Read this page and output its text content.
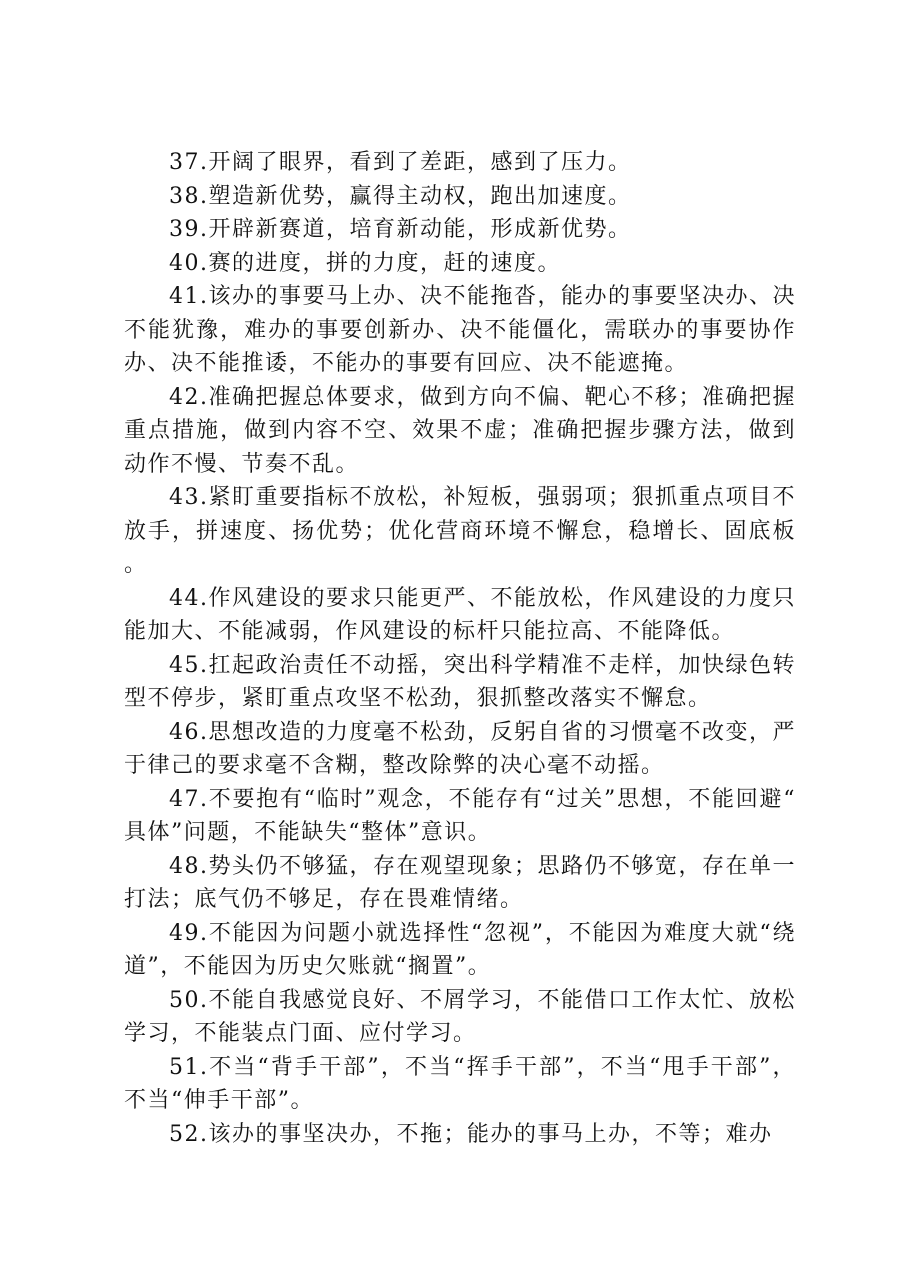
37.开阔了眼界，看到了差距，感到了压力。

38.塑造新优势，赢得主动权，跑出加速度。

39.开辟新赛道，培育新动能，形成新优势。

40.赛的进度，拼的力度，赶的速度。

41.该办的事要马上办、决不能拖沓，能办的事要坚决办、决不能犹豫，难办的事要创新办、决不能僵化，需联办的事要协作办、决不能推诿，不能办的事要有回应、决不能遮掩。

42.准确把握总体要求，做到方向不偏、靶心不移；准确把握重点措施，做到内容不空、效果不虚；准确把握步骤方法，做到动作不慢、节奏不乱。

43.紧盯重要指标不放松，补短板，强弱项；狠抓重点项目不放手，拼速度、扬优势；优化营商环境不懈怠，稳增长、固底板。

44.作风建设的要求只能更严、不能放松，作风建设的力度只能加大、不能减弱，作风建设的标杆只能拉高、不能降低。

45.扛起政治责任不动摇，突出科学精准不走样，加快绿色转型不停步，紧盯重点攻坚不松劲，狠抓整改落实不懈怠。

46.思想改造的力度毫不松劲，反躬自省的习惯毫不改变，严于律己的要求毫不含糊，整改除弊的决心毫不动摇。

47.不要抱有“临时”观念，不能存有“过关”思想，不能回避“具体”问题，不能缺失“整体”意识。

48.势头仍不够猛，存在观望现象；思路仍不够宽，存在单一打法；底气仍不够足，存在畏难情绪。

49.不能因为问题小就选择性“忽视”，不能因为难度大就“绕道”，不能因为历史欠账就“搁置”。

50.不能自我感觉良好、不屑学习，不能借口工作太忙、放松学习，不能装点门面、应付学习。

51.不当“背手干部”，不当“挥手干部”，不当“甩手干部”，不当“伸手干部”。

52.该办的事坚决办，不拖；能办的事马上办，不等；难办
